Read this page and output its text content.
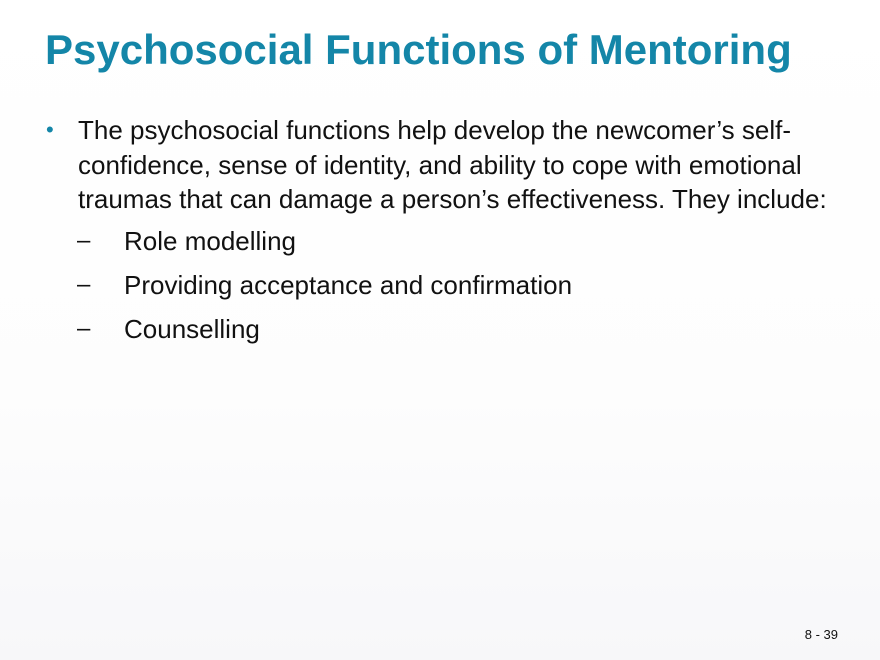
Psychosocial Functions of Mentoring
• The psychosocial functions help develop the newcomer’s self-confidence, sense of identity, and ability to cope with emotional traumas that can damage a person’s effectiveness. They include:
–	Role modelling
–	Providing acceptance and confirmation
–	Counselling
8 - 39
